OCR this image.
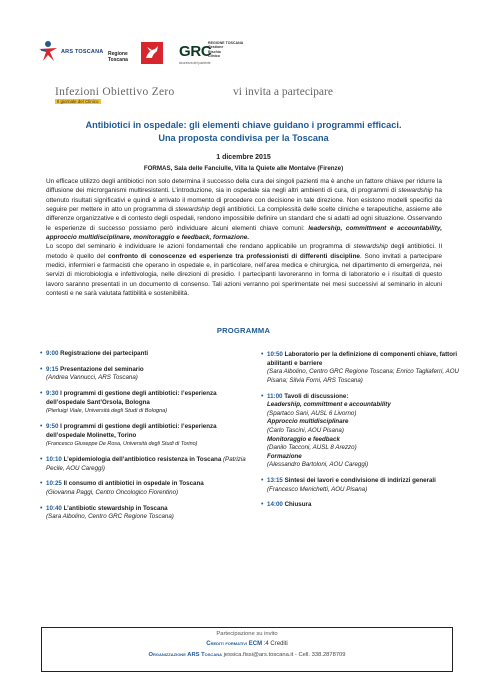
ARS TOSCANA Regione Toscana	GRC
REGIONE TOSCANA
Gestione
Rischio
Clinico
sicurezza del paziente
Infezioni Obiettivo Zero
Il giornale del Clinico
vi invita a partecipare
Antibiotici in ospedale: gli elementi chiave guidano i programmi efficaci.
Una proposta condivisa per la Toscana
1 dicembre 2015
FORMAS, Sala delle Fanciulle, Villa la Quiete alle Montalve (Firenze)
Un efficace utilizzo degli antibiotici non solo determina il successo della cura dei singoli pazienti ma è anche un fattore chiave per ridurre la diffusione dei microrganismi multiresistenti. L’introduzione, sia in ospedale sia negli altri ambienti di cura, di programmi di stewardship ha ottenuto risultati significativi e quindi è arrivato il momento di procedere con decisione in tale direzione. Non esistono modelli specifici da seguire per mettere in atto un programma di stewardship degli antibiotici. La complessità delle scelte cliniche e terapeutiche, assieme alle differenze organizzative e di contesto degli ospedali, rendono impossibile definire un standard che si adatti ad ogni situazione. Osservando le esperienze di successo possiamo però individuare alcuni elementi chiave comuni: leadership, committment e accountability, approccio multidisciplinare, monitoraggio e feedback, formazione.
Lo scopo del seminario è individuare le azioni fondamentali che rendano applicabile un programma di stewardship degli antibiotici. Il metodo è quello del confronto di conoscenze ed esperienze tra professionisti di differenti discipline. Sono invitati a partecipare medici, infermieri e farmacisti che operano in ospedale e, in particolare, nell’area medica e chirurgica, nel dipartimento di emergenza, nei servizi di microbiologia e infettivologia, nelle direzioni di presidio. I partecipanti lavoreranno in forma di laboratorio e i risultati di questo lavoro saranno presentati in un documento di consenso. Tali azioni verranno poi sperimentate nei mesi successivi al seminario in alcuni contesti e ne sarà valutata fattibilità e sostenibilità.
PROGRAMMA
• 9:00 Registrazione dei partecipanti
• 9:15 Presentazione del seminario
(Andrea Vannucci, ARS Toscana)
• 9:30 I programmi di gestione degli antibiotici: l’esperienza dell’ospedale Sant’Orsola, Bologna
(Pierluigi Viale, Università degli Studi di Bologna)
• 9:50 I programmi di gestione degli antibiotici: l’esperienza dell’ospedale Molinette, Torino
(Francesco Giuseppe De Rosa, Università degli Studi di Torino)
• 10:10 L’epidemiologia dell’antibiotico resistenza in Toscana (Patrizia Pecile, AOU Careggi)
• 10:25 Il consumo di antibiotici in ospedale in Toscana
(Giovanna Paggi, Centro Oncologico Fiorentino)
• 10:40 L’antibiotic stewardship in Toscana
(Sara Albolino, Centro GRC Regione Toscana)
• 10:50 Laboratorio per la definizione di componenti chiave, fattori abilitanti e barriere
(Sara Albolino, Centro GRC Regione Toscana; Enrico Tagliaferri, AOU Pisana; Silvia Forni, ARS Toscana)
• 11:00 Tavoli di discussione:
Leadership, committment e accountability
(Spartaco Sani, AUSL 6 Livorno)
Approccio multidisciplinare
(Carlo Tascini, AOU Pisana)
Monitoraggio e feedback
(Danilo Tacconi, AUSL 8 Arezzo)
Formazione
(Alessandro Bartoloni, AOU Careggi)
• 13:15 Sintesi dei lavori e condivisione di indirizzi generali (Francesco Menichetti, AOU Pisana)
• 14:00 Chiusura
Partecipazione su invito
Crediti formativi ECM :4 Crediti
Organizzazione ARS Toscana jessica.fissi@ars.toscana.it - Cell. 338.2878709
